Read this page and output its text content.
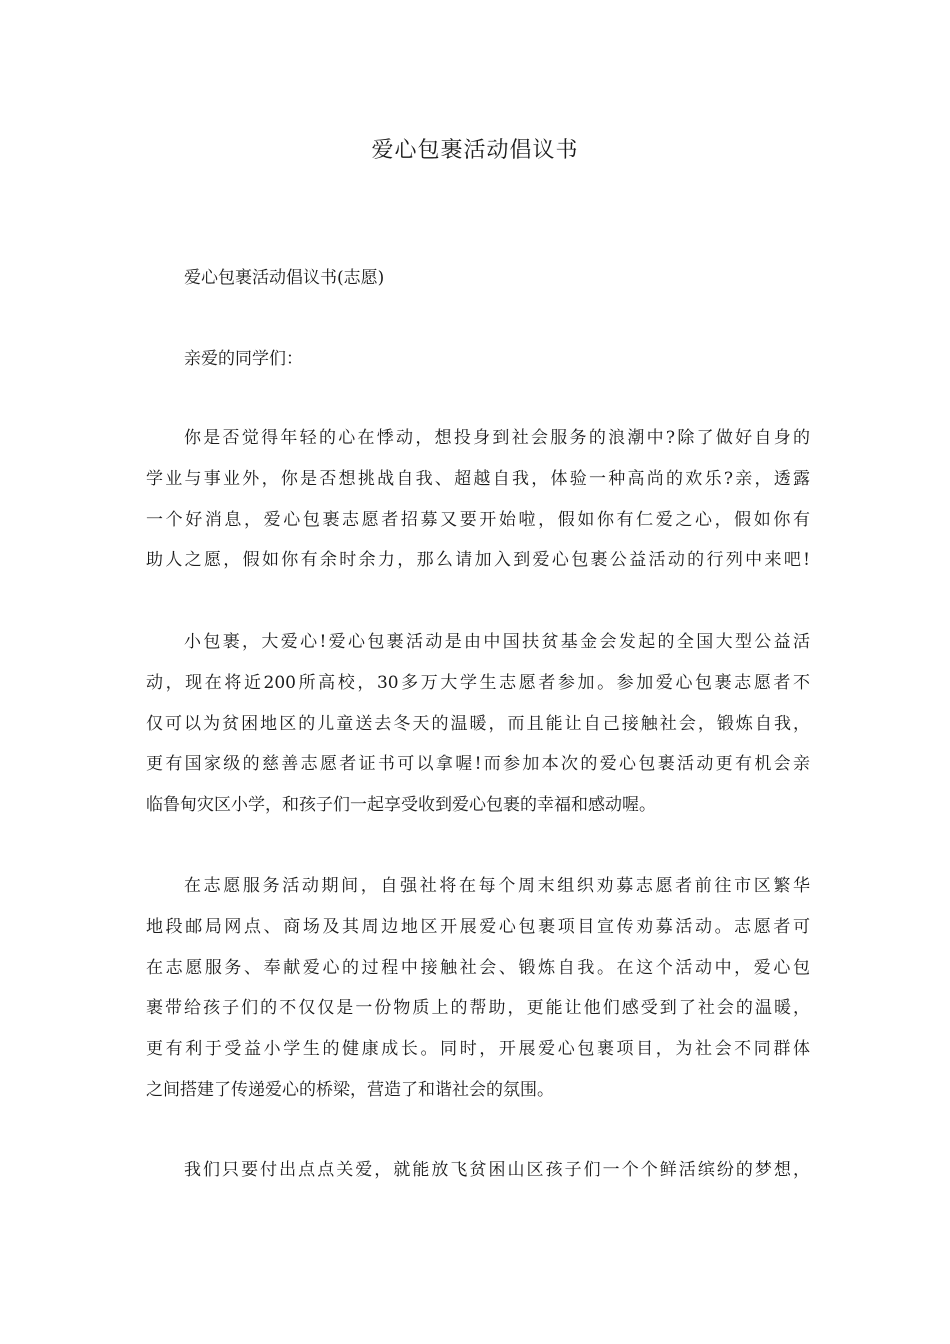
爱心包裹活动倡议书
爱心包裹活动倡议书(志愿)
亲爱的同学们：
你是否觉得年轻的心在悸动，想投身到社会服务的浪潮中?除了做好自身的
学业与事业外，你是否想挑战自我、超越自我，体验一种高尚的欢乐?亲，透露
一个好消息，爱心包裹志愿者招募又要开始啦，假如你有仁爱之心，假如你有
助人之愿，假如你有余时余力，那么请加入到爱心包裹公益活动的行列中来吧!
小包裹，大爱心!爱心包裹活动是由中国扶贫基金会发起的全国大型公益活
动，现在将近200所高校，30多万大学生志愿者参加。参加爱心包裹志愿者不
仅可以为贫困地区的儿童送去冬天的温暖，而且能让自己接触社会，锻炼自我，
更有国家级的慈善志愿者证书可以拿喔!而参加本次的爱心包裹活动更有机会亲
临鲁甸灾区小学，和孩子们一起享受收到爱心包裹的幸福和感动喔。
在志愿服务活动期间，自强社将在每个周末组织劝募志愿者前往市区繁华
地段邮局网点、商场及其周边地区开展爱心包裹项目宣传劝募活动。志愿者可
在志愿服务、奉献爱心的过程中接触社会、锻炼自我。在这个活动中，爱心包
裹带给孩子们的不仅仅是一份物质上的帮助，更能让他们感受到了社会的温暖，
更有利于受益小学生的健康成长。同时，开展爱心包裹项目，为社会不同群体
之间搭建了传递爱心的桥梁，营造了和谐社会的氛围。
我们只要付出点点关爱，就能放飞贫困山区孩子们一个个鲜活缤纷的梦想，
